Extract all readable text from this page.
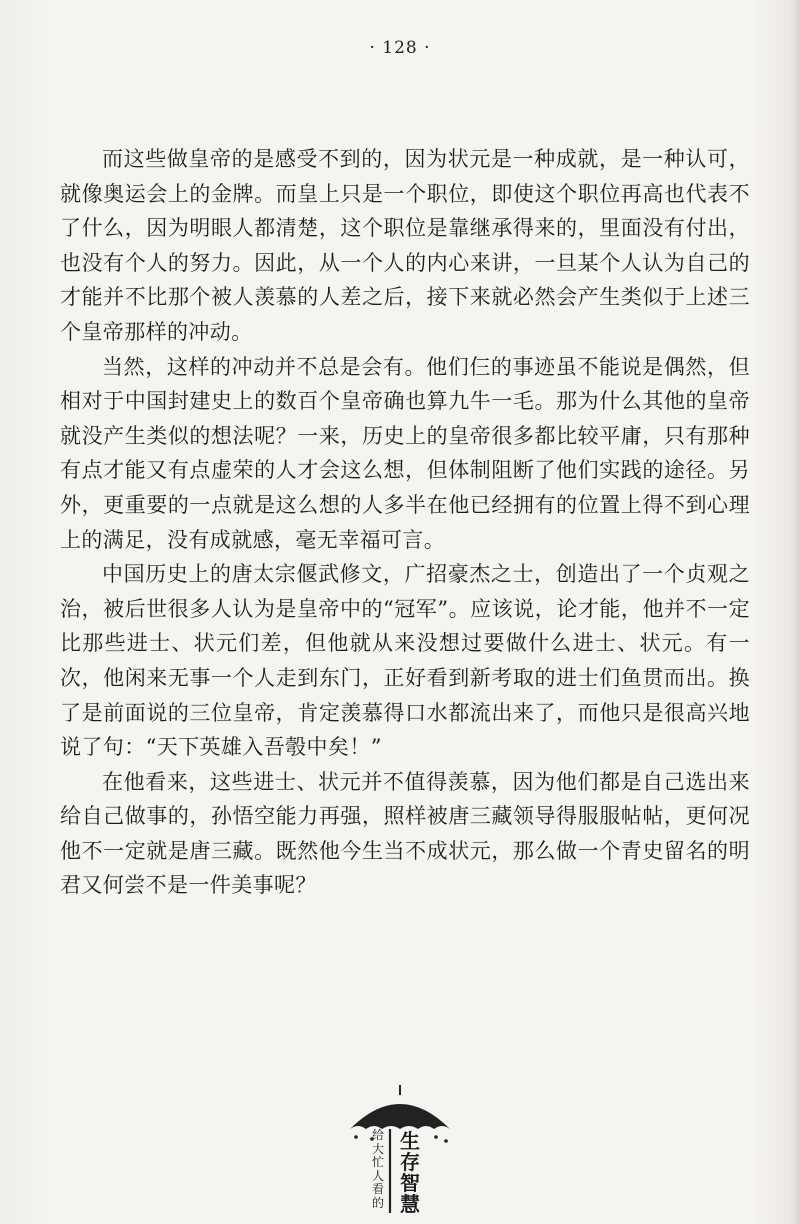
· 128 ·

而这些做皇帝的是感受不到的，因为状元是一种成就，是一种认可，就像奥运会上的金牌。而皇上只是一个职位，即使这个职位再高也代表不了什么，因为明眼人都清楚，这个职位是靠继承得来的，里面没有付出，也没有个人的努力。因此，从一个人的内心来讲，一旦某个人认为自己的才能并不比那个被人羡慕的人差之后，接下来就必然会产生类似于上述三个皇帝那样的冲动。

当然，这样的冲动并不总是会有。他们仨的事迹虽不能说是偶然，但相对于中国封建史上的数百个皇帝确也算九牛一毛。那为什么其他的皇帝就没产生类似的想法呢？一来，历史上的皇帝很多都比较平庸，只有那种有点才能又有点虚荣的人才会这么想，但体制阻断了他们实践的途径。另外，更重要的一点就是这么想的人多半在他已经拥有的位置上得不到心理上的满足，没有成就感，毫无幸福可言。

中国历史上的唐太宗偃武修文，广招豪杰之士，创造出了一个贞观之治，被后世很多人认为是皇帝中的“冠军”。应该说，论才能，他并不一定比那些进士、状元们差，但他就从来没想过要做什么进士、状元。有一次，他闲来无事一个人走到东门，正好看到新考取的进士们鱼贯而出。换了是前面说的三位皇帝，肯定羡慕得口水都流出来了，而他只是很高兴地说了句：“天下英雄入吾彀中矣！”

在他看来，这些进士、状元并不值得羡慕，因为他们都是自己选出来给自己做事的，孙悟空能力再强，照样被唐三藏领导得服服帖帖，更何况他不一定就是唐三藏。既然他今生当不成状元，那么做一个青史留名的明君又何尝不是一件美事呢？

给大忙人看的
生存智慧
